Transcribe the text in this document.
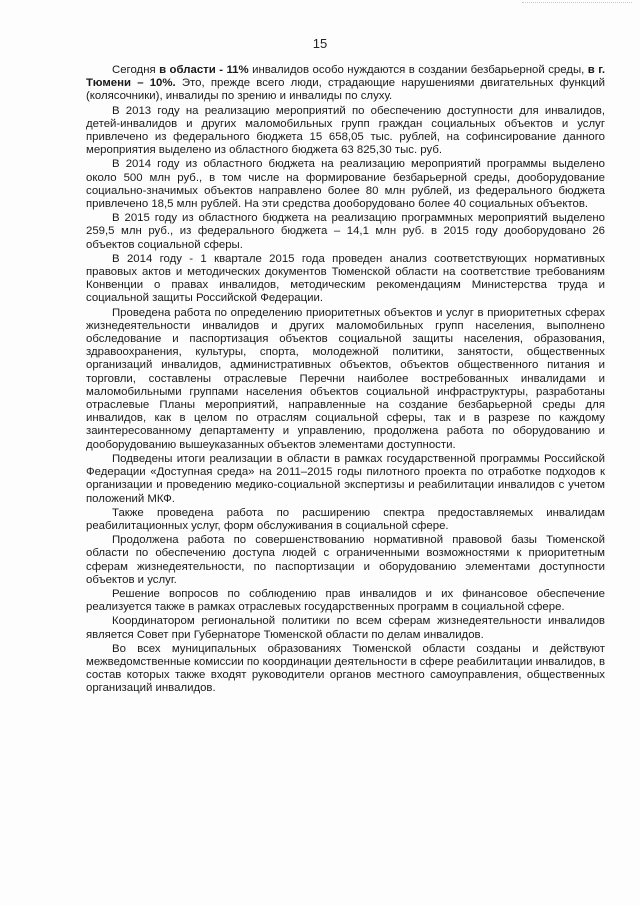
15

Сегодня в области - 11% инвалидов особо нуждаются в создании безбарьерной среды, в г. Тюмени – 10%. Это, прежде всего люди, страдающие нарушениями двигательных функций (колясочники), инвалиды по зрению и инвалиды по слуху.

В 2013 году на реализацию мероприятий по обеспечению доступности для инвалидов, детей-инвалидов и других маломобильных групп граждан социальных объектов и услуг привлечено из федерального бюджета 15 658,05 тыс. рублей, на софинсирование данного мероприятия выделено из областного бюджета 63 825,30 тыс. руб.

В 2014 году из областного бюджета на реализацию мероприятий программы выделено около 500 млн руб., в том числе на формирование безбарьерной среды, дооборудование социально-значимых объектов направлено более 80 млн рублей, из федерального бюджета привлечено 18,5 млн рублей. На эти средства дооборудовано более 40 социальных объектов.

В 2015 году из областного бюджета на реализацию программных мероприятий выделено 259,5 млн руб., из федерального бюджета – 14,1 млн руб. в 2015 году дооборудовано 26 объектов социальной сферы.

В 2014 году - 1 квартале 2015 года проведен анализ соответствующих нормативных правовых актов и методических документов Тюменской области на соответствие требованиям Конвенции о правах инвалидов, методическим рекомендациям Министерства труда и социальной защиты Российской Федерации.

Проведена работа по определению приоритетных объектов и услуг в приоритетных сферах жизнедеятельности инвалидов и других маломобильных групп населения, выполнено обследование и паспортизация объектов социальной защиты населения, образования, здравоохранения, культуры, спорта, молодежной политики, занятости, общественных организаций инвалидов, административных объектов, объектов общественного питания и торговли, составлены отраслевые Перечни наиболее востребованных инвалидами и маломобильными группами населения объектов социальной инфраструктуры, разработаны отраслевые Планы мероприятий, направленные на создание безбарьерной среды для инвалидов, как в целом по отраслям социальной сферы, так и в разрезе по каждому заинтересованному департаменту и управлению, продолжена работа по оборудованию и дооборудованию вышеуказанных объектов элементами доступности.

Подведены итоги реализации в области в рамках государственной программы Российской Федерации «Доступная среда» на 2011–2015 годы пилотного проекта по отработке подходов к организации и проведению медико-социальной экспертизы и реабилитации инвалидов с учетом положений МКФ.

Также проведена работа по расширению спектра предоставляемых инвалидам реабилитационных услуг, форм обслуживания в социальной сфере.

Продолжена работа по совершенствованию нормативной правовой базы Тюменской области по обеспечению доступа людей с ограниченными возможностями к приоритетным сферам жизнедеятельности, по паспортизации и оборудованию элементами доступности объектов и услуг.

Решение вопросов по соблюдению прав инвалидов и их финансовое обеспечение реализуется также в рамках отраслевых государственных программ в социальной сфере.

Координатором региональной политики по всем сферам жизнедеятельности инвалидов является Совет при Губернаторе Тюменской области по делам инвалидов.

Во всех муниципальных образованиях Тюменской области созданы и действуют межведомственные комиссии по координации деятельности в сфере реабилитации инвалидов, в состав которых также входят руководители органов местного самоуправления, общественных организаций инвалидов.
